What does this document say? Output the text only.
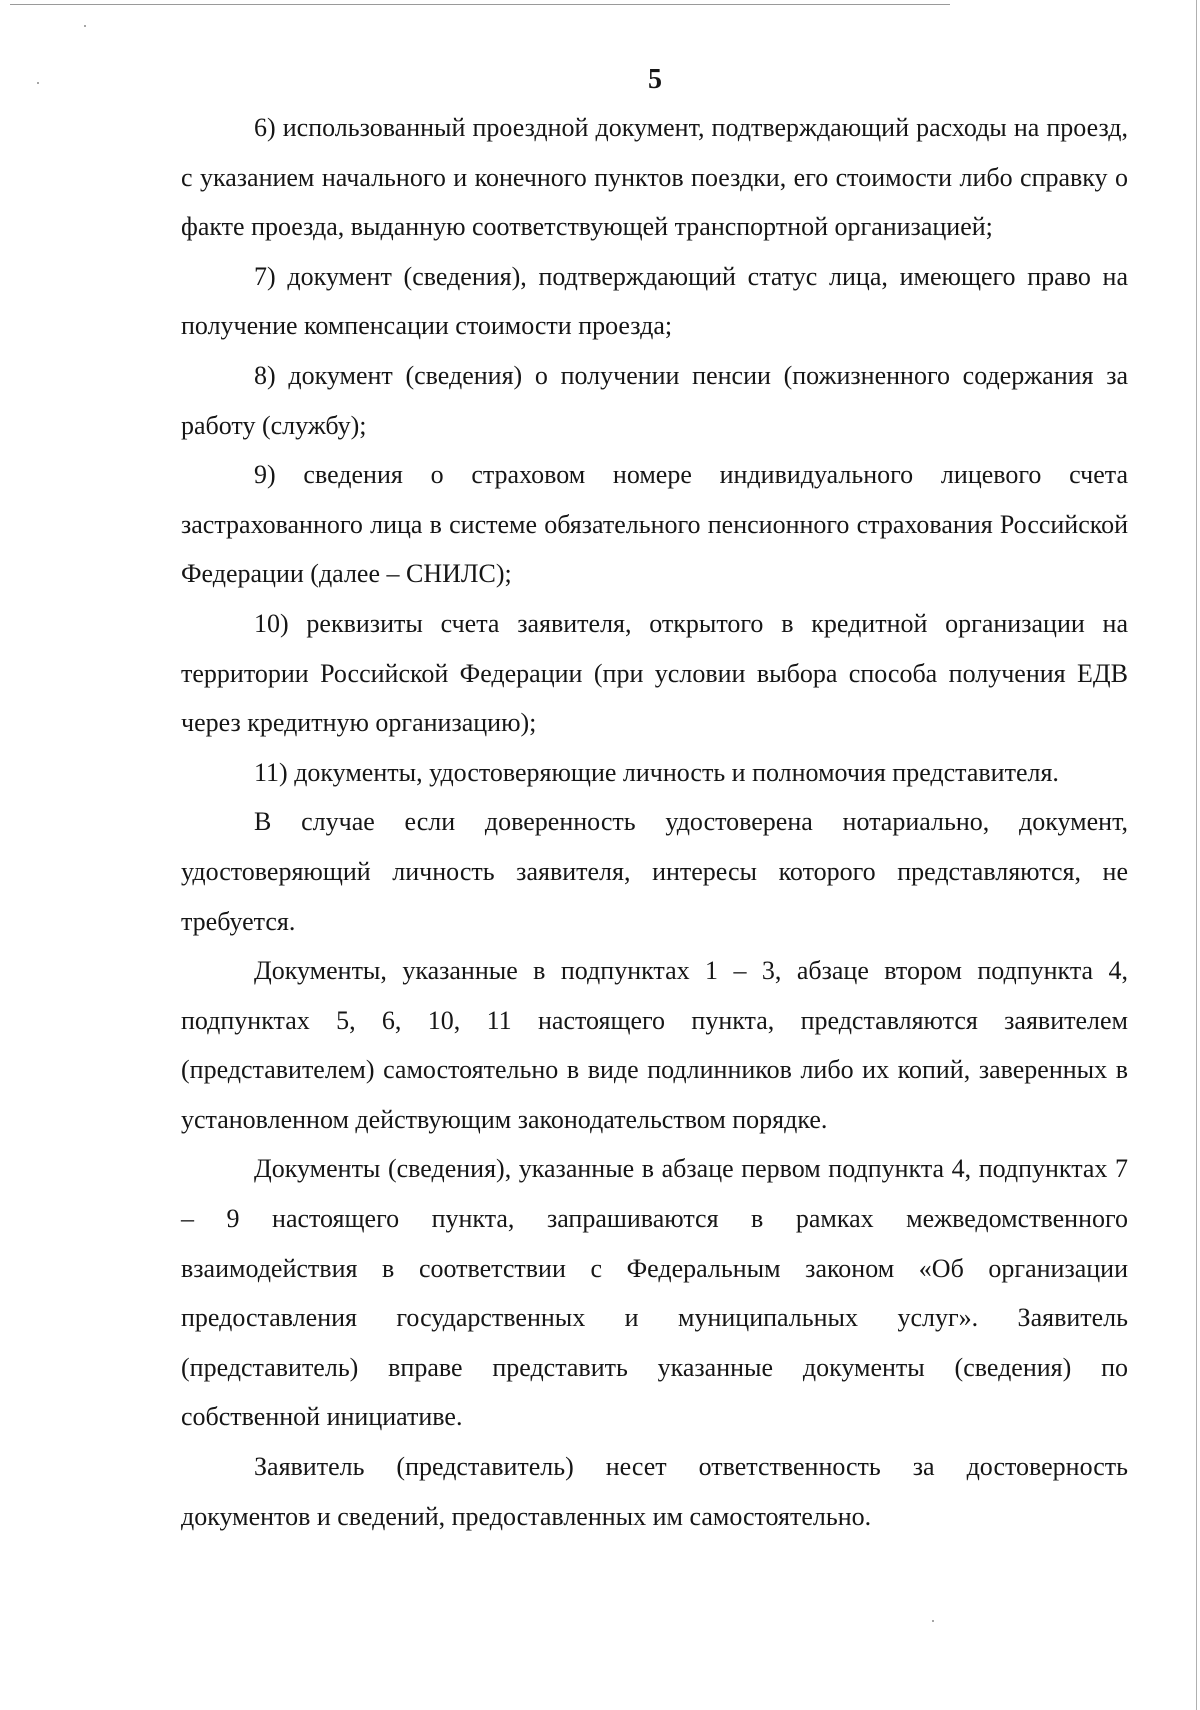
5

6) использованный проездной документ, подтверждающий расходы на проезд, с указанием начального и конечного пунктов поездки, его стоимости либо справку о факте проезда, выданную соответствующей транспортной организацией;

7) документ (сведения), подтверждающий статус лица, имеющего право на получение компенсации стоимости проезда;

8) документ (сведения) о получении пенсии (пожизненного содержания за работу (службу);

9) сведения о страховом номере индивидуального лицевого счета застрахованного лица в системе обязательного пенсионного страхования Российской Федерации (далее – СНИЛС);

10) реквизиты счета заявителя, открытого в кредитной организации на территории Российской Федерации (при условии выбора способа получения ЕДВ через кредитную организацию);

11) документы, удостоверяющие личность и полномочия представителя.

В случае если доверенность удостоверена нотариально, документ, удостоверяющий личность заявителя, интересы которого представляются, не требуется.

Документы, указанные в подпунктах 1 – 3, абзаце втором подпункта 4, подпунктах 5, 6, 10, 11 настоящего пункта, представляются заявителем (представителем) самостоятельно в виде подлинников либо их копий, заверенных в установленном действующим законодательством порядке.

Документы (сведения), указанные в абзаце первом подпункта 4, подпунктах 7 – 9 настоящего пункта, запрашиваются в рамках межведомственного взаимодействия в соответствии с Федеральным законом «Об организации предоставления государственных и муниципальных услуг». Заявитель (представитель) вправе представить указанные документы (сведения) по собственной инициативе.

Заявитель (представитель) несет ответственность за достоверность документов и сведений, предоставленных им самостоятельно.
